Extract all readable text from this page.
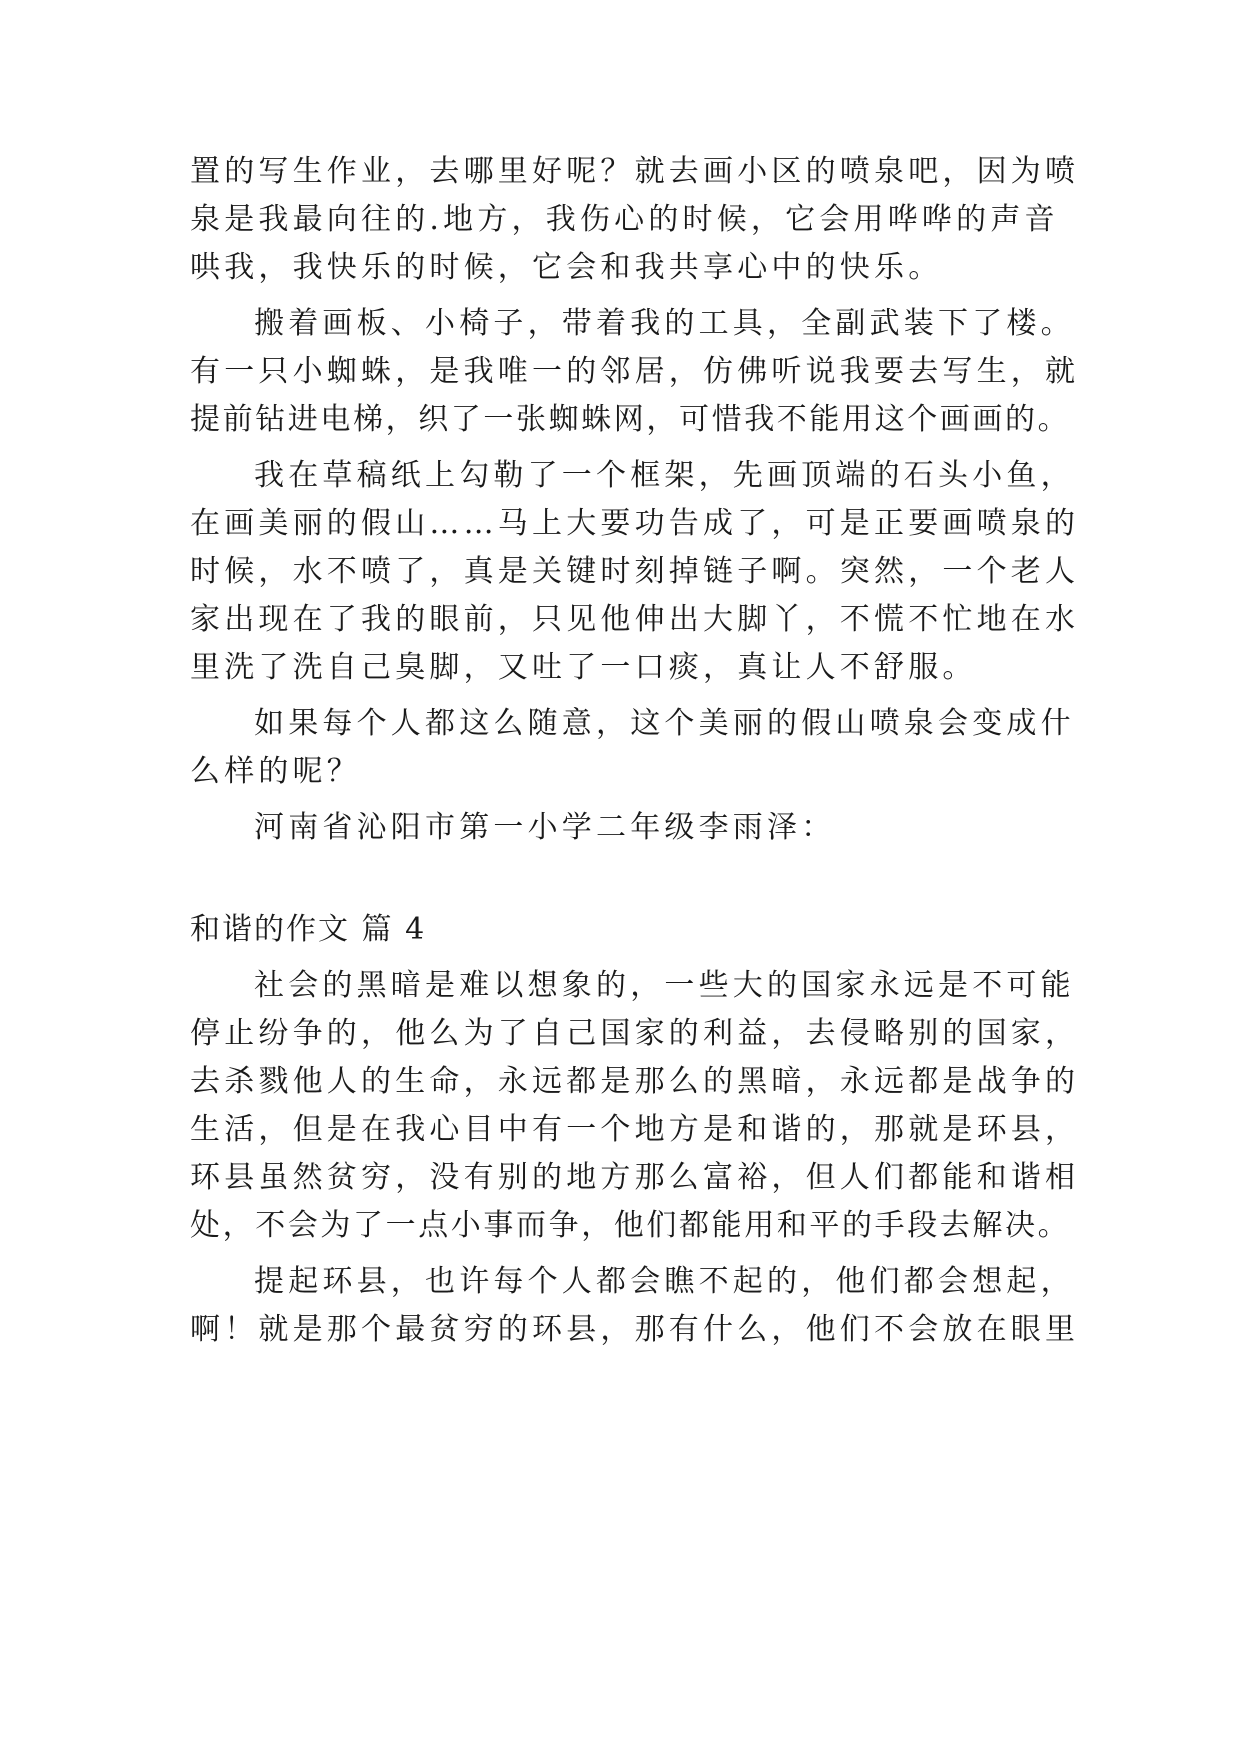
置的写生作业，去哪里好呢？就去画小区的喷泉吧，因为喷
泉是我最向往的.地方，我伤心的时候，它会用哗哗的声音
哄我，我快乐的时候，它会和我共享心中的快乐。
搬着画板、小椅子，带着我的工具，全副武装下了楼。
有一只小蜘蛛，是我唯一的邻居，仿佛听说我要去写生，就
提前钻进电梯，织了一张蜘蛛网，可惜我不能用这个画画的。
我在草稿纸上勾勒了一个框架，先画顶端的石头小鱼，
在画美丽的假山……马上大要功告成了，可是正要画喷泉的
时候，水不喷了，真是关键时刻掉链子啊。突然，一个老人
家出现在了我的眼前，只见他伸出大脚丫，不慌不忙地在水
里洗了洗自己臭脚，又吐了一口痰，真让人不舒服。
如果每个人都这么随意，这个美丽的假山喷泉会变成什
么样的呢？
河南省沁阳市第一小学二年级李雨泽：
和谐的作文 篇 4
社会的黑暗是难以想象的，一些大的国家永远是不可能
停止纷争的，他么为了自己国家的利益，去侵略别的国家，
去杀戮他人的生命，永远都是那么的黑暗，永远都是战争的
生活，但是在我心目中有一个地方是和谐的，那就是环县，
环县虽然贫穷，没有别的地方那么富裕，但人们都能和谐相
处，不会为了一点小事而争，他们都能用和平的手段去解决。
提起环县，也许每个人都会瞧不起的，他们都会想起，
啊！就是那个最贫穷的环县，那有什么，他们不会放在眼里
